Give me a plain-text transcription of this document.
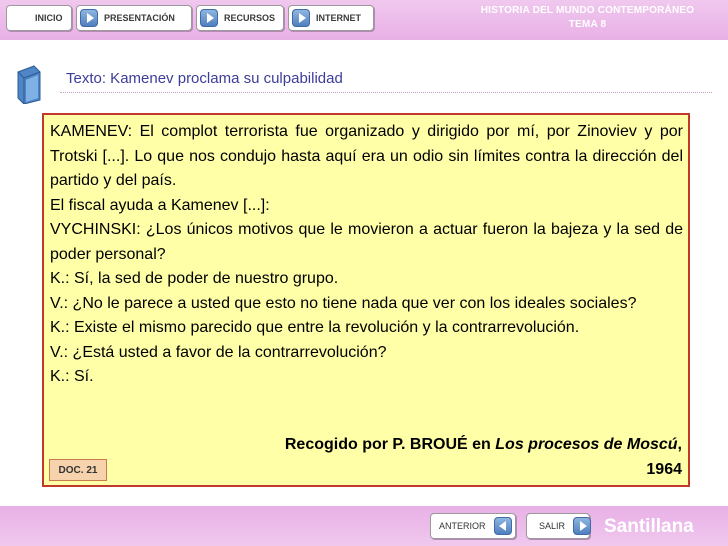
INICIO	PRESENTACIÓN	RECURSOS	INTERNET
HISTORIA DEL MUNDO CONTEMPORÁNEO
TEMA 8
Texto: Kamenev proclama su culpabilidad

KAMENEV: El complot terrorista fue organizado y dirigido por mí, por Zinoviev y por Trotski [...]. Lo que nos condujo hasta aquí era un odio sin límites contra la dirección del partido y del país.

El fiscal ayuda a Kamenev [...]:

VYCHINSKI: ¿Los únicos motivos que le movieron a actuar fueron la bajeza y la sed de poder personal?

K.: Sí, la sed de poder de nuestro grupo.

V.: ¿No le parece a usted que esto no tiene nada que ver con los ideales sociales?

K.: Existe el mismo parecido que entre la revolución y la contrarrevolución.

V.: ¿Está usted a favor de la contrarrevolución?

K.: Sí.

Recogido por P. BROUÉ en Los procesos de Moscú, 1964
DOC. 21
ANTERIOR	SALIR Santillana
